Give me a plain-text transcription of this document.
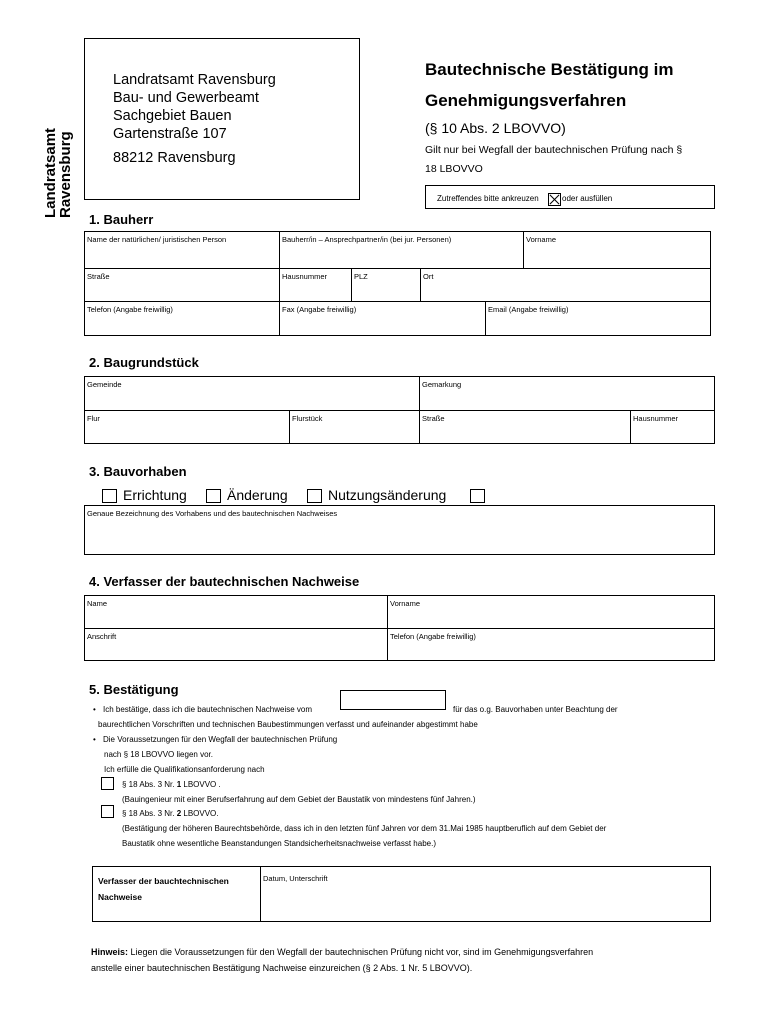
Landratsamt
Ravensburg
Landratsamt Ravensburg
Bau- und Gewerbeamt
Sachgebiet Bauen
Gartenstraße 107
88212 Ravensburg
Bautechnische Bestätigung im
Genehmigungsverfahren
(§ 10 Abs. 2 LBOVVO)
Gilt nur bei Wegfall der bautechnischen Prüfung nach §
18 LBOVVO
Zutreffendes bitte ankreuzen	oder ausfüllen
1. Bauherr
Name der natürlichen/ juristischen Person	Bauherr/in – Ansprechpartner/in (bei jur. Personen)	Vorname
Straße	Hausnummer	PLZ	Ort
Telefon (Angabe freiwillig)	Fax (Angabe freiwillig)	Email (Angabe freiwillig)
2. Baugrundstück
Gemeinde	Gemarkung
Flur	Flurstück	Straße	Hausnummer
3. Bauvorhaben
Errichtung	Änderung	Nutzungsänderung
Genaue Bezeichnung des Vorhabens und des bautechnischen Nachweises
4. Verfasser der bautechnischen Nachweise
Name	Vorname
Anschrift	Telefon (Angabe freiwillig)
5. Bestätigung
• Ich bestätige, dass ich die bautechnischen Nachweise vom	für das o.g. Bauvorhaben unter Beachtung der
baurechtlichen Vorschriften und technischen Baubestimmungen verfasst und aufeinander abgestimmt habe
• Die Voraussetzungen für den Wegfall der bautechnischen Prüfung
nach § 18 LBOVVO liegen vor.
Ich erfülle die Qualifikationsanforderung nach
§ 18 Abs. 3 Nr. 1 LBOVVO .
(Bauingenieur mit einer Berufserfahrung auf dem Gebiet der Baustatik von mindestens fünf Jahren.)
§ 18 Abs. 3 Nr. 2 LBOVVO.
(Bestätigung der höheren Baurechtsbehörde, dass ich in den letzten fünf Jahren vor dem 31.Mai 1985 hauptberuflich auf dem Gebiet der
Baustatik ohne wesentliche Beanstandungen Standsicherheitsnachweise verfasst habe.)
Verfasser der bauchtechnischen
Nachweise
Datum, Unterschrift
Hinweis: Liegen die Voraussetzungen für den Wegfall der bautechnischen Prüfung nicht vor, sind im Genehmigungsverfahren
anstelle einer bautechnischen Bestätigung Nachweise einzureichen (§ 2 Abs. 1 Nr. 5 LBOVVO).
